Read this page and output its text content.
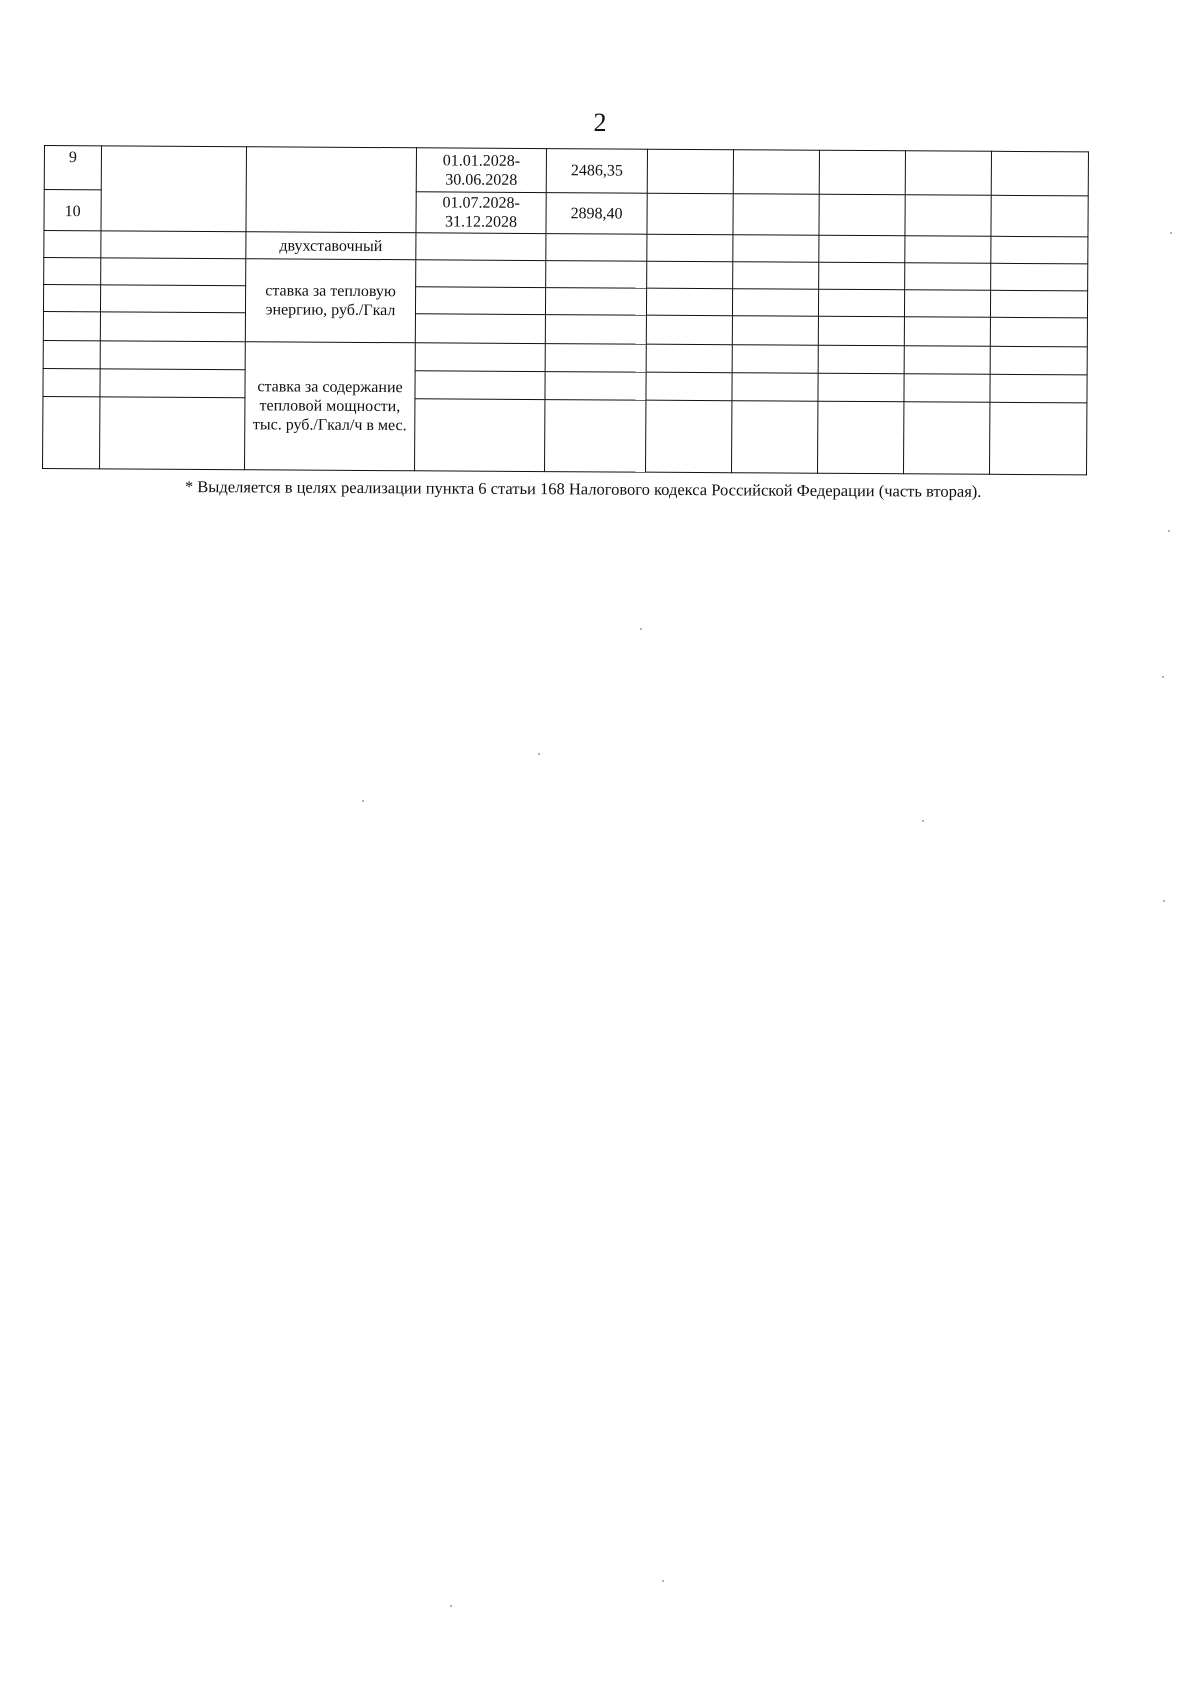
2
9			01.01.2028-
30.06.2028	2486,35					
10			01.07.2028-
31.12.2028	2898,40					
		двухставочный							
		ставка за тепловую энергию, руб./Гкал							

		ставка за содержание тепловой мощности, тыс. руб./Гкал/ч в мес.							

* Выделяется в целях реализации пункта 6 статьи 168 Налогового кодекса Российской Федерации (часть вторая).
